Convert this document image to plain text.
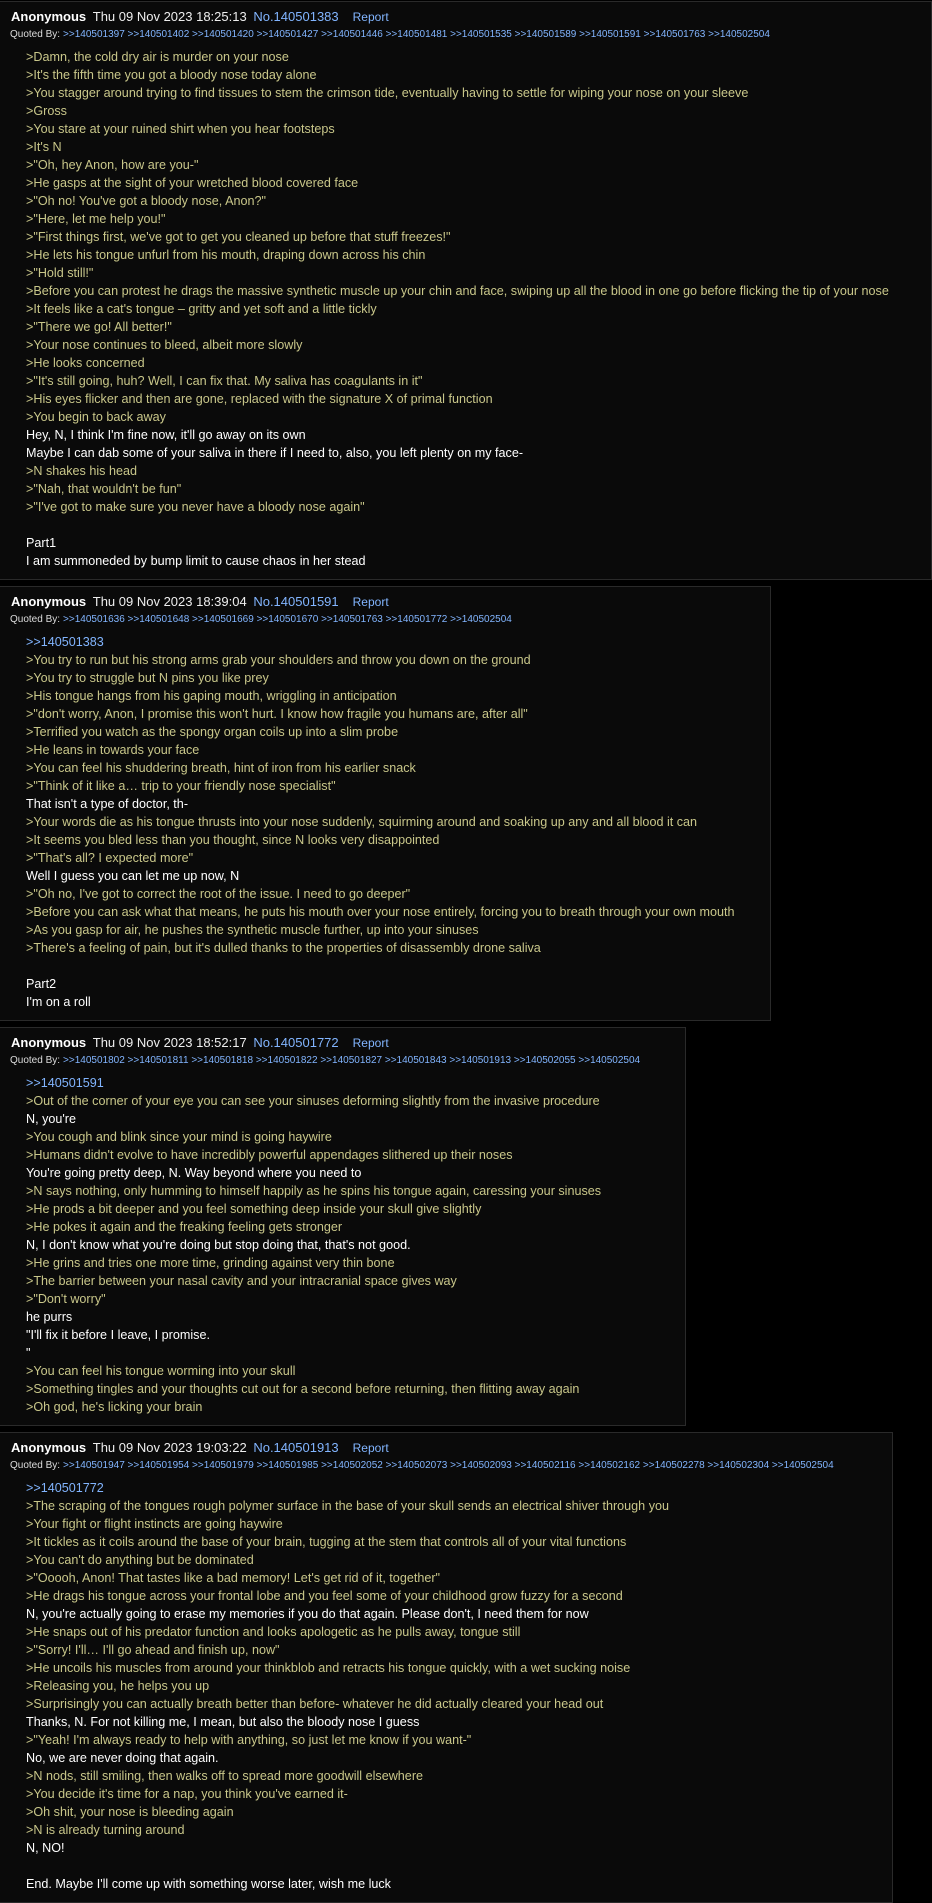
Anonymous Thu 09 Nov 2023 18:25:13 No.140501383 Report
Quoted By: >>140501397 >>140501402 >>140501420 >>140501427 >>140501446 >>140501481 >>140501535 >>140501589 >>140501591 >>140501763 >>140502504
>Damn, the cold dry air is murder on your nose
>It's the fifth time you got a bloody nose today alone
>You stagger around trying to find tissues to stem the crimson tide, eventually having to settle for wiping your nose on your sleeve
>Gross
>You stare at your ruined shirt when you hear footsteps
>It's N
>"Oh, hey Anon, how are you-"
>He gasps at the sight of your wretched blood covered face
>"Oh no! You've got a bloody nose, Anon?"
>"Here, let me help you!"
>"First things first, we've got to get you cleaned up before that stuff freezes!"
>He lets his tongue unfurl from his mouth, draping down across his chin
>"Hold still!"
>Before you can protest he drags the massive synthetic muscle up your chin and face, swiping up all the blood in one go before flicking the tip of your nose
>It feels like a cat's tongue – gritty and yet soft and a little tickly
>"There we go! All better!"
>Your nose continues to bleed, albeit more slowly
>He looks concerned
>"It's still going, huh? Well, I can fix that. My saliva has coagulants in it"
>His eyes flicker and then are gone, replaced with the signature X of primal function
>You begin to back away
Hey, N, I think I'm fine now, it'll go away on its own
Maybe I can dab some of your saliva in there if I need to, also, you left plenty on my face-
>N shakes his head
>"Nah, that wouldn't be fun"
>"I've got to make sure you never have a bloody nose again"
Part1
I am summoneded by bump limit to cause chaos in her stead
Anonymous Thu 09 Nov 2023 18:39:04 No.140501591 Report
Quoted By: >>140501636 >>140501648 >>140501669 >>140501670 >>140501763 >>140501772 >>140502504
>>140501383
>You try to run but his strong arms grab your shoulders and throw you down on the ground
>You try to struggle but N pins you like prey
>His tongue hangs from his gaping mouth, wriggling in anticipation
>"don't worry, Anon, I promise this won't hurt. I know how fragile you humans are, after all"
>Terrified you watch as the spongy organ coils up into a slim probe
>He leans in towards your face
>You can feel his shuddering breath, hint of iron from his earlier snack
>"Think of it like a… trip to your friendly nose specialist"
That isn't a type of doctor, th-
>Your words die as his tongue thrusts into your nose suddenly, squirming around and soaking up any and all blood it can
>It seems you bled less than you thought, since N looks very disappointed
>"That's all? I expected more"
Well I guess you can let me up now, N
>"Oh no, I've got to correct the root of the issue. I need to go deeper"
>Before you can ask what that means, he puts his mouth over your nose entirely, forcing you to breath through your own mouth
>As you gasp for air, he pushes the synthetic muscle further, up into your sinuses
>There's a feeling of pain, but it's dulled thanks to the properties of disassembly drone saliva
Part2
I'm on a roll
Anonymous Thu 09 Nov 2023 18:52:17 No.140501772 Report
Quoted By: >>140501802 >>140501811 >>140501818 >>140501822 >>140501827 >>140501843 >>140501913 >>140502055 >>140502504
>>140501591
>Out of the corner of your eye you can see your sinuses deforming slightly from the invasive procedure
N, you're
>You cough and blink since your mind is going haywire
>Humans didn't evolve to have incredibly powerful appendages slithered up their noses
You're going pretty deep, N. Way beyond where you need to
>N says nothing, only humming to himself happily as he spins his tongue again, caressing your sinuses
>He prods a bit deeper and you feel something deep inside your skull give slightly
>He pokes it again and the freaking feeling gets stronger
N, I don't know what you're doing but stop doing that, that's not good.
>He grins and tries one more time, grinding against very thin bone
>The barrier between your nasal cavity and your intracranial space gives way
>"Don't worry"
he purrs
"I'll fix it before I leave, I promise.
"
>You can feel his tongue worming into your skull
>Something tingles and your thoughts cut out for a second before returning, then flitting away again
>Oh god, he's licking your brain
Anonymous Thu 09 Nov 2023 19:03:22 No.140501913 Report
Quoted By: >>140501947 >>140501954 >>140501979 >>140501985 >>140502052 >>140502073 >>140502093 >>140502116 >>140502162 >>140502278 >>140502304 >>140502504
>>140501772
>The scraping of the tongues rough polymer surface in the base of your skull sends an electrical shiver through you
>Your fight or flight instincts are going haywire
>It tickles as it coils around the base of your brain, tugging at the stem that controls all of your vital functions
>You can't do anything but be dominated
>"Ooooh, Anon! That tastes like a bad memory! Let's get rid of it, together"
>He drags his tongue across your frontal lobe and you feel some of your childhood grow fuzzy for a second
N, you're actually going to erase my memories if you do that again. Please don't, I need them for now
>He snaps out of his predator function and looks apologetic as he pulls away, tongue still
>"Sorry! I'll… I'll go ahead and finish up, now"
>He uncoils his muscles from around your thinkblob and retracts his tongue quickly, with a wet sucking noise
>Releasing you, he helps you up
>Surprisingly you can actually breath better than before- whatever he did actually cleared your head out
Thanks, N. For not killing me, I mean, but also the bloody nose I guess
>"Yeah! I'm always ready to help with anything, so just let me know if you want-"
No, we are never doing that again.
>N nods, still smiling, then walks off to spread more goodwill elsewhere
>You decide it's time for a nap, you think you've earned it-
>Oh shit, your nose is bleeding again
>N is already turning around
N, NO!
End. Maybe I'll come up with something worse later, wish me luck
